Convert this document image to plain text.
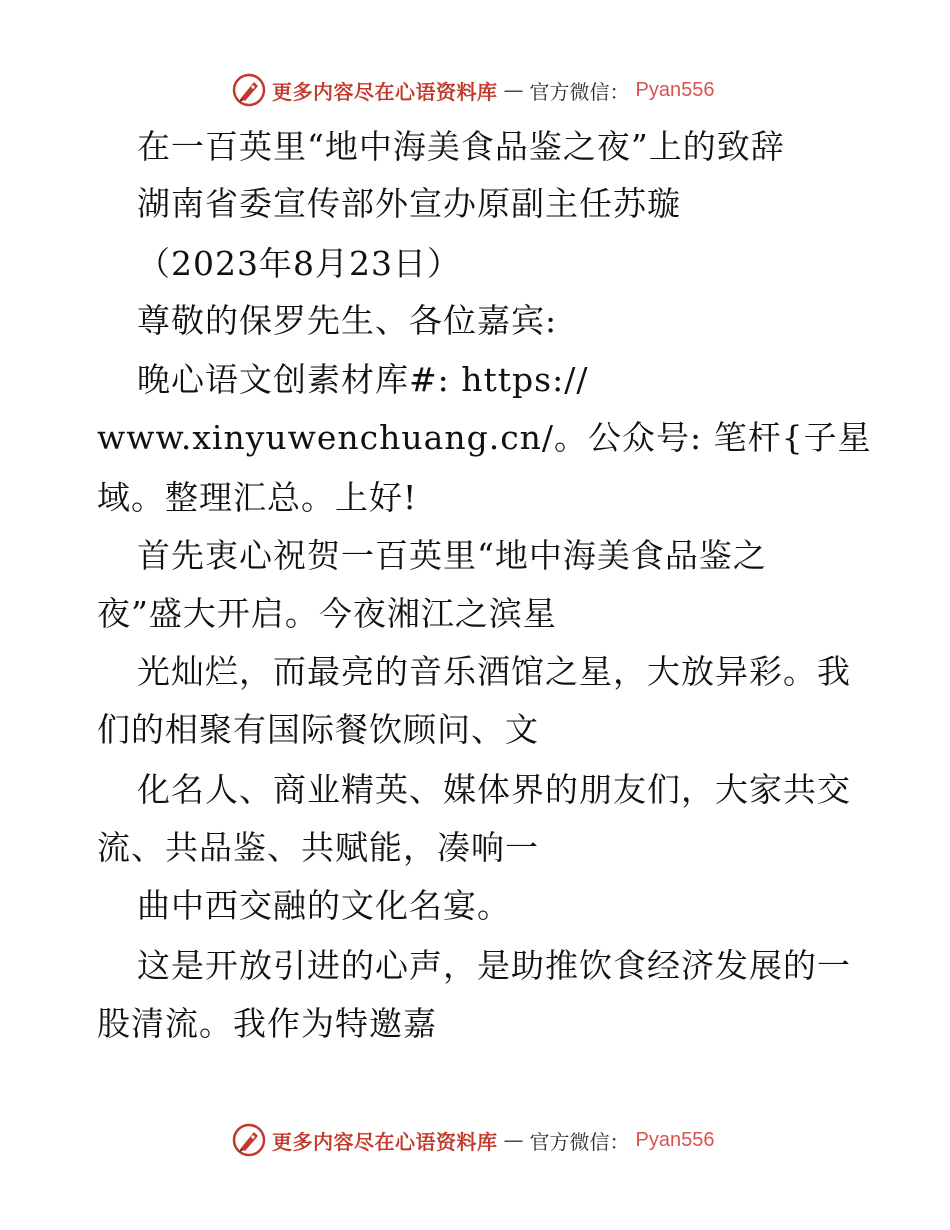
更多内容尽在心语资料库 — 官方微信： Pyan556
在一百英里“地中海美食品鉴之夜”上的致辞
湖南省委宣传部外宣办原副主任苏璇
（2023年8月23日）
尊敬的保罗先生、各位嘉宾:
晚心语文创素材库#: https://
www.xinyuwenchuang.cn/。公众号: 笔杆{子星
域。整理汇总。上好!
首先衷心祝贺一百英里“地中海美食品鉴之
夜”盛大开启。今夜湘江之滨星
光灿烂，而最亮的音乐酒馆之星，大放异彩。我
们的相聚有国际餐饮顾问、文
化名人、商业精英、媒体界的朋友们，大家共交
流、共品鉴、共赋能，凑响一
曲中西交融的文化名宴。
这是开放引进的心声，是助推饮食经济发展的一
股清流。我作为特邀嘉
更多内容尽在心语资料库 — 官方微信： Pyan556
